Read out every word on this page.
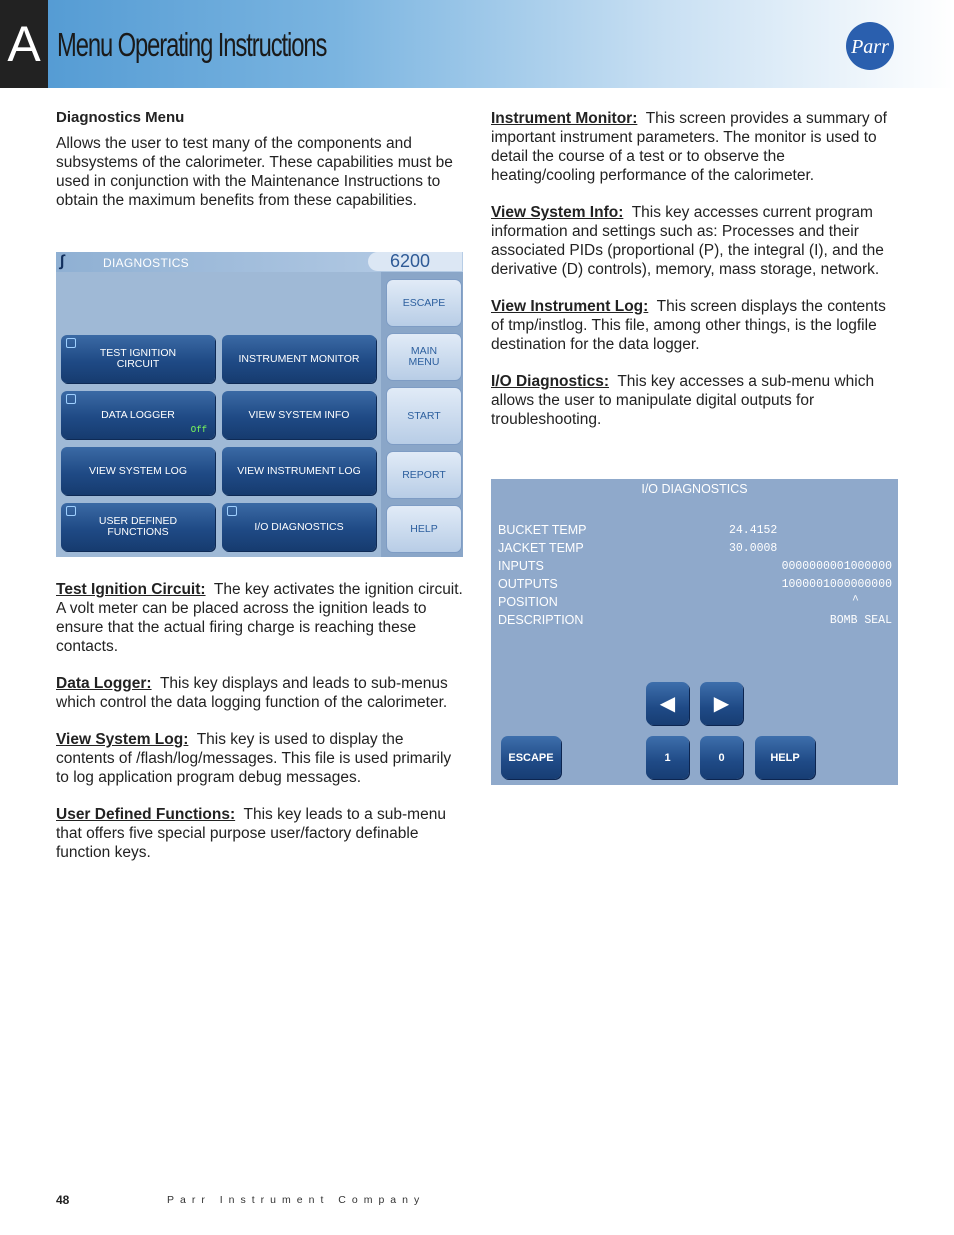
A Menu Operating Instructions	Parr
Diagnostics Menu

Allows the user to test many of the components and subsystems of the calorimeter. These capabilities must be used in conjunction with the Maintenance Instructions to obtain the maximum benefits from these capabilities.

∫	DIAGNOSTICS	6200
TEST IGNITION CIRCUIT	INSTRUMENT MONITOR
DATA LOGGER
Off
VIEW SYSTEM INFO
VIEW SYSTEM LOG	VIEW INSTRUMENT LOG
USER DEFINED FUNCTIONS	I/O DIAGNOSTICS
ESCAPE
MAIN MENU
START
REPORT
HELP

Test Ignition Circuit: The key activates the ignition circuit. A volt meter can be placed across the ignition leads to ensure that the actual firing charge is reaching these contacts.

Data Logger: This key displays and leads to sub-menus which control the data logging function of the calorimeter.

View System Log: This key is used to display the contents of /flash/log/messages. This file is used primarily to log application program debug messages.

User Defined Functions: This key leads to a sub-menu that offers five special purpose user/factory definable function keys.

Instrument Monitor: This screen provides a summary of important instrument parameters. The monitor is used to detail the course of a test or to observe the heating/cooling performance of the calorimeter.

View System Info: This key accesses current program information and settings such as: Processes and their associated PIDs (proportional (P), the integral (I), and the derivative (D) controls), memory, mass storage, network.

View Instrument Log: This screen displays the contents of tmp/instlog. This file, among other things, is the logfile destination for the data logger.

I/O Diagnostics: This key accesses a sub-menu which allows the user to manipulate digital outputs for troubleshooting.

I/O DIAGNOSTICS
BUCKET TEMP	24.4152
JACKET TEMP	30.0008
INPUTS	0000000001000000
OUTPUTS	1000001000000000
POSITION	^
DESCRIPTION	BOMB SEAL
◀	▶
ESCAPE	1	0	HELP
48	Parr Instrument Company
